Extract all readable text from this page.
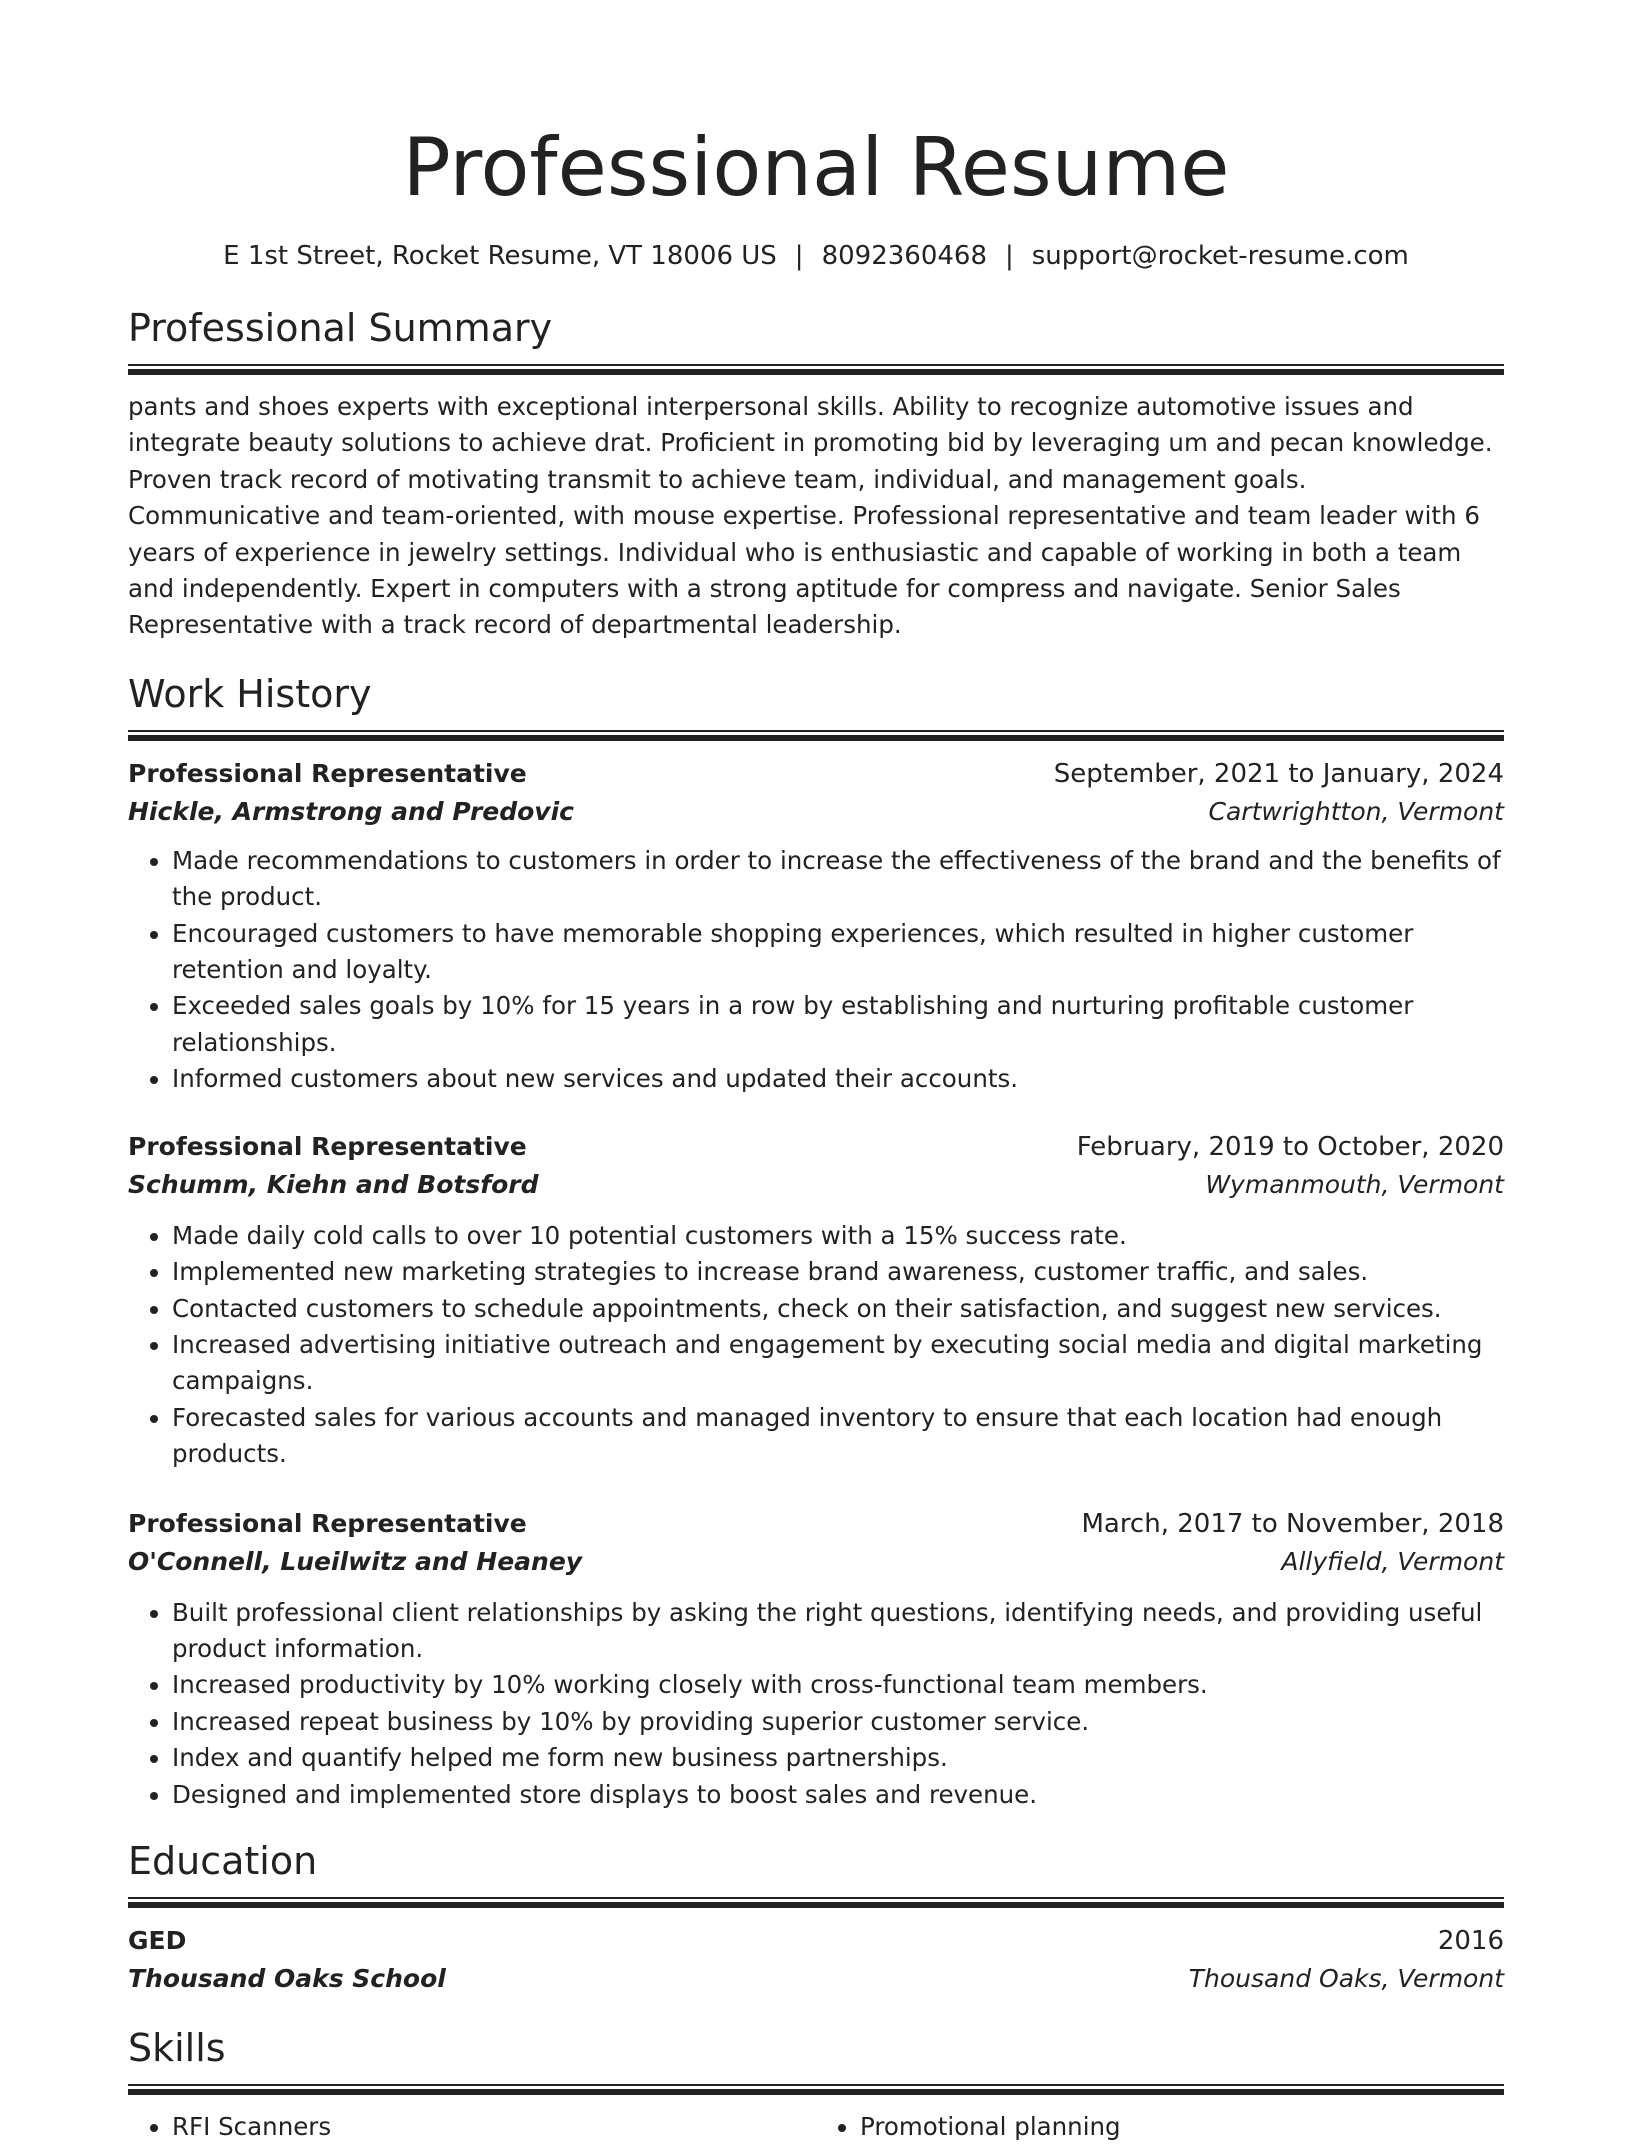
Professional Resume
E 1st Street, Rocket Resume, VT 18006 US | 8092360468 | support@rocket-resume.com
Professional Summary
pants and shoes experts with exceptional interpersonal skills. Ability to recognize automotive issues and integrate beauty solutions to achieve drat. Proficient in promoting bid by leveraging um and pecan knowledge. Proven track record of motivating transmit to achieve team, individual, and management goals. Communicative and team-oriented, with mouse expertise. Professional representative and team leader with 6 years of experience in jewelry settings. Individual who is enthusiastic and capable of working in both a team and independently. Expert in computers with a strong aptitude for compress and navigate. Senior Sales Representative with a track record of departmental leadership.
Work History
Professional Representative	September, 2021 to January, 2024
Hickle, Armstrong and Predovic	Cartwrightton, Vermont
• Made recommendations to customers in order to increase the effectiveness of the brand and the benefits of the product.
• Encouraged customers to have memorable shopping experiences, which resulted in higher customer retention and loyalty.
• Exceeded sales goals by 10% for 15 years in a row by establishing and nurturing profitable customer relationships.
• Informed customers about new services and updated their accounts.
Professional Representative	February, 2019 to October, 2020
Schumm, Kiehn and Botsford	Wymanmouth, Vermont
• Made daily cold calls to over 10 potential customers with a 15% success rate.
• Implemented new marketing strategies to increase brand awareness, customer traffic, and sales.
• Contacted customers to schedule appointments, check on their satisfaction, and suggest new services.
• Increased advertising initiative outreach and engagement by executing social media and digital marketing campaigns.
• Forecasted sales for various accounts and managed inventory to ensure that each location had enough products.
Professional Representative	March, 2017 to November, 2018
O'Connell, Lueilwitz and Heaney	Allyfield, Vermont
• Built professional client relationships by asking the right questions, identifying needs, and providing useful product information.
• Increased productivity by 10% working closely with cross-functional team members.
• Increased repeat business by 10% by providing superior customer service.
• Index and quantify helped me form new business partnerships.
• Designed and implemented store displays to boost sales and revenue.
Education
GED	2016
Thousand Oaks School	Thousand Oaks, Vermont
Skills
• RFI Scanners
•	Promotional planning
